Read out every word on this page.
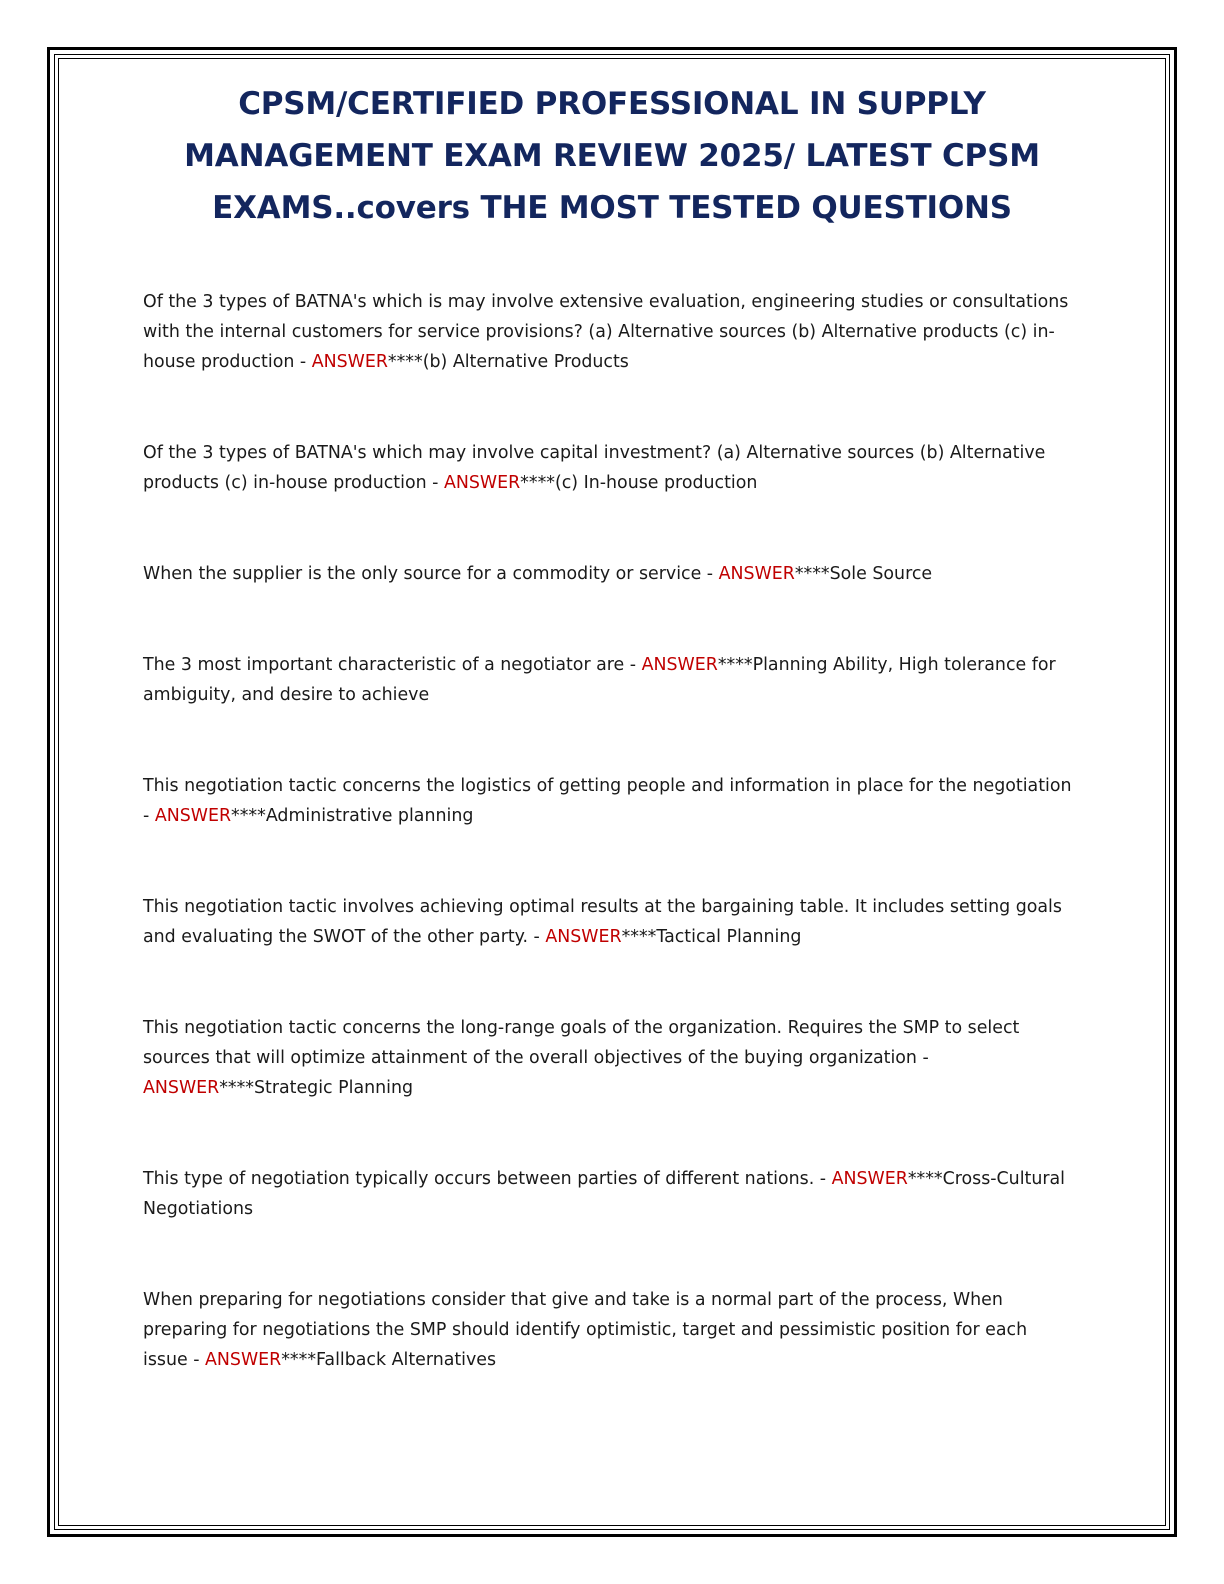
CPSM/CERTIFIED PROFESSIONAL IN SUPPLY MANAGEMENT EXAM REVIEW 2025/ LATEST CPSM EXAMS..covers THE MOST TESTED QUESTIONS
Of the 3 types of BATNA's which is may involve extensive evaluation, engineering studies or consultations with the internal customers for service provisions? (a) Alternative sources (b) Alternative products (c) in-house production - ANSWER****(b) Alternative Products
Of the 3 types of BATNA's which may involve capital investment? (a) Alternative sources (b) Alternative products (c) in-house production - ANSWER****(c) In-house production
When the supplier is the only source for a commodity or service - ANSWER****Sole Source
The 3 most important characteristic of a negotiator are - ANSWER****Planning Ability, High tolerance for ambiguity, and desire to achieve
This negotiation tactic concerns the logistics of getting people and information in place for the negotiation - ANSWER****Administrative planning
This negotiation tactic involves achieving optimal results at the bargaining table. It includes setting goals and evaluating the SWOT of the other party. - ANSWER****Tactical Planning
This negotiation tactic concerns the long-range goals of the organization. Requires the SMP to select sources that will optimize attainment of the overall objectives of the buying organization - ANSWER****Strategic Planning
This type of negotiation typically occurs between parties of different nations. - ANSWER****Cross-Cultural Negotiations
When preparing for negotiations consider that give and take is a normal part of the process, When preparing for negotiations the SMP should identify optimistic, target and pessimistic position for each issue - ANSWER****Fallback Alternatives
